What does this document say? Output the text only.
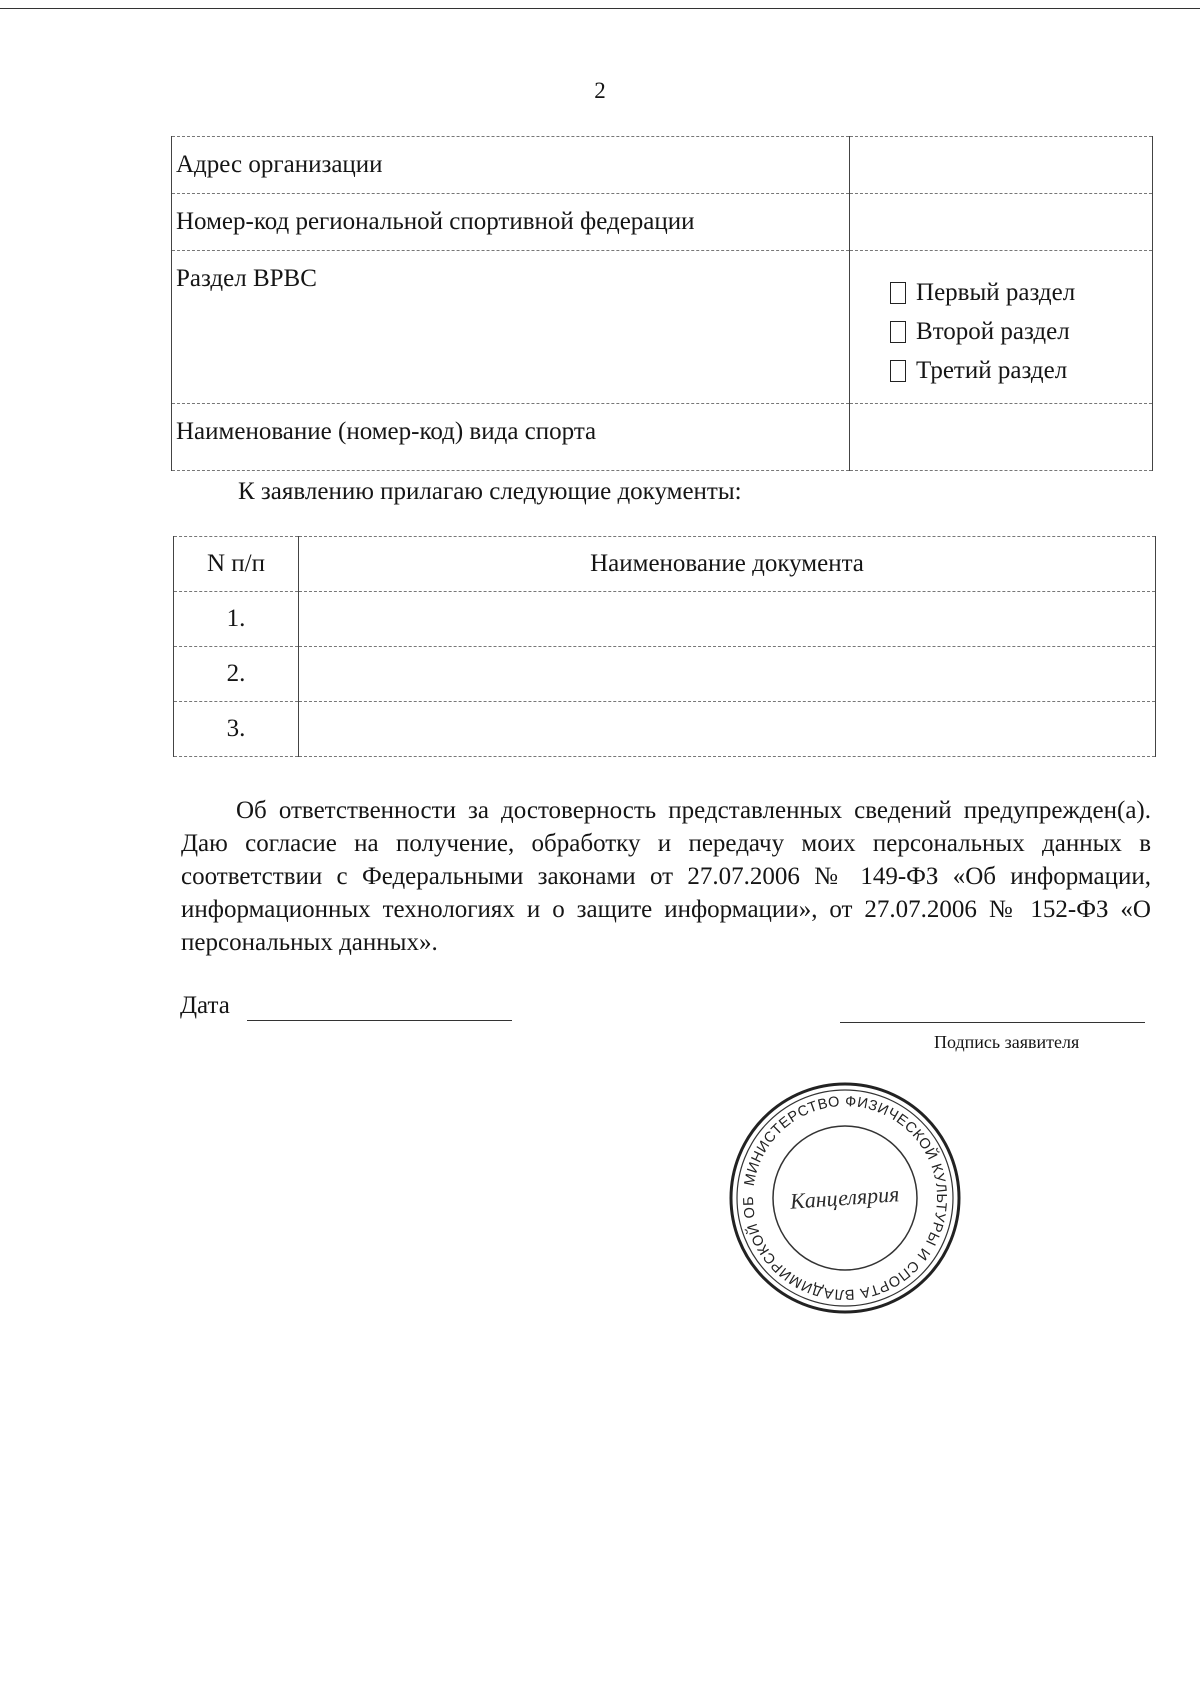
2
Адрес организации	
Номер-код региональной спортивной федерации	
Раздел ВРВС	Первый раздел
Второй раздел
Третий раздел

Наименование (номер-код) вида спорта	
К заявлению прилагаю следующие документы:
N п/п	Наименование документа
1.	
2.	
3.	

Об ответственности за достоверность представленных сведений предупрежден(а). Даю согласие на получение, обработку и передачу моих персональных данных в соответствии с Федеральными законами от 27.07.2006 № 149-ФЗ «Об информации, информационных технологиях и о защите информации», от 27.07.2006 № 152-ФЗ «О персональных данных».

Дата
Подпись заявителя
МИНИСТЕРСТВО ФИЗИЧЕСКОЙ КУЛЬТУРЫ И СПОРТА ВЛАДИМИРСКОЙ ОБ	Канцелярия
